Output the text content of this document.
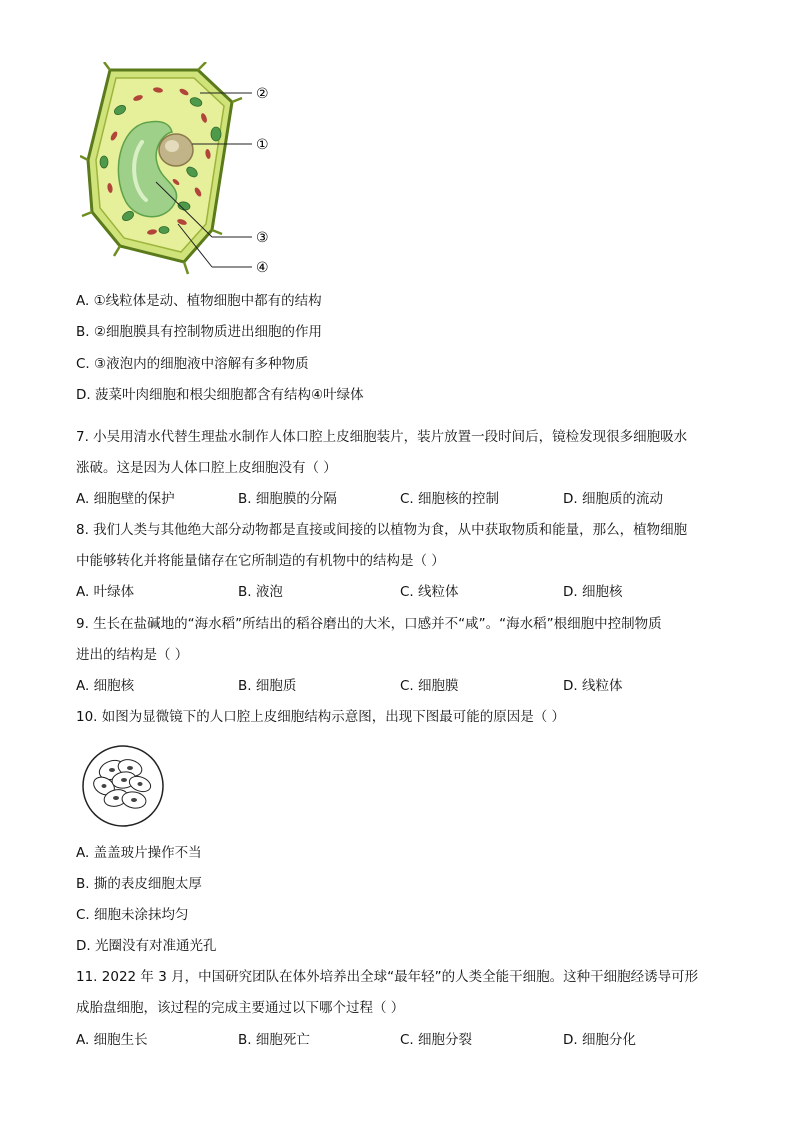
②
①
③
④
A. ①线粒体是动、植物细胞中都有的结构
B. ②细胞膜具有控制物质进出细胞的作用
C. ③液泡内的细胞液中溶解有多种物质
D. 菠菜叶肉细胞和根尖细胞都含有结构④叶绿体
7. 小吴用清水代替生理盐水制作人体口腔上皮细胞装片，装片放置一段时间后，镜检发现很多细胞吸水
涨破。这是因为人体口腔上皮细胞没有（ ）
A. 细胞壁的保护	B. 细胞膜的分隔	C. 细胞核的控制	D. 细胞质的流动
8. 我们人类与其他绝大部分动物都是直接或间接的以植物为食，从中获取物质和能量，那么，植物细胞
中能够转化并将能量储存在它所制造的有机物中的结构是（ ）
A. 叶绿体	B. 液泡	C. 线粒体	D. 细胞核
9. 生长在盐碱地的“海水稻”所结出的稻谷磨出的大米，口感并不“咸”。“海水稻”根细胞中控制物质
进出的结构是（ ）
A. 细胞核	B. 细胞质	C. 细胞膜	D. 线粒体
10. 如图为显微镜下的人口腔上皮细胞结构示意图，出现下图最可能的原因是（ ）
A. 盖盖玻片操作不当
B. 撕的表皮细胞太厚
C. 细胞未涂抹均匀
D. 光圈没有对准通光孔
11. 2022 年 3 月，中国研究团队在体外培养出全球“最年轻”的人类全能干细胞。这种干细胞经诱导可形
成胎盘细胞，该过程的完成主要通过以下哪个过程（ ）
A. 细胞生长	B. 细胞死亡	C. 细胞分裂	D. 细胞分化
